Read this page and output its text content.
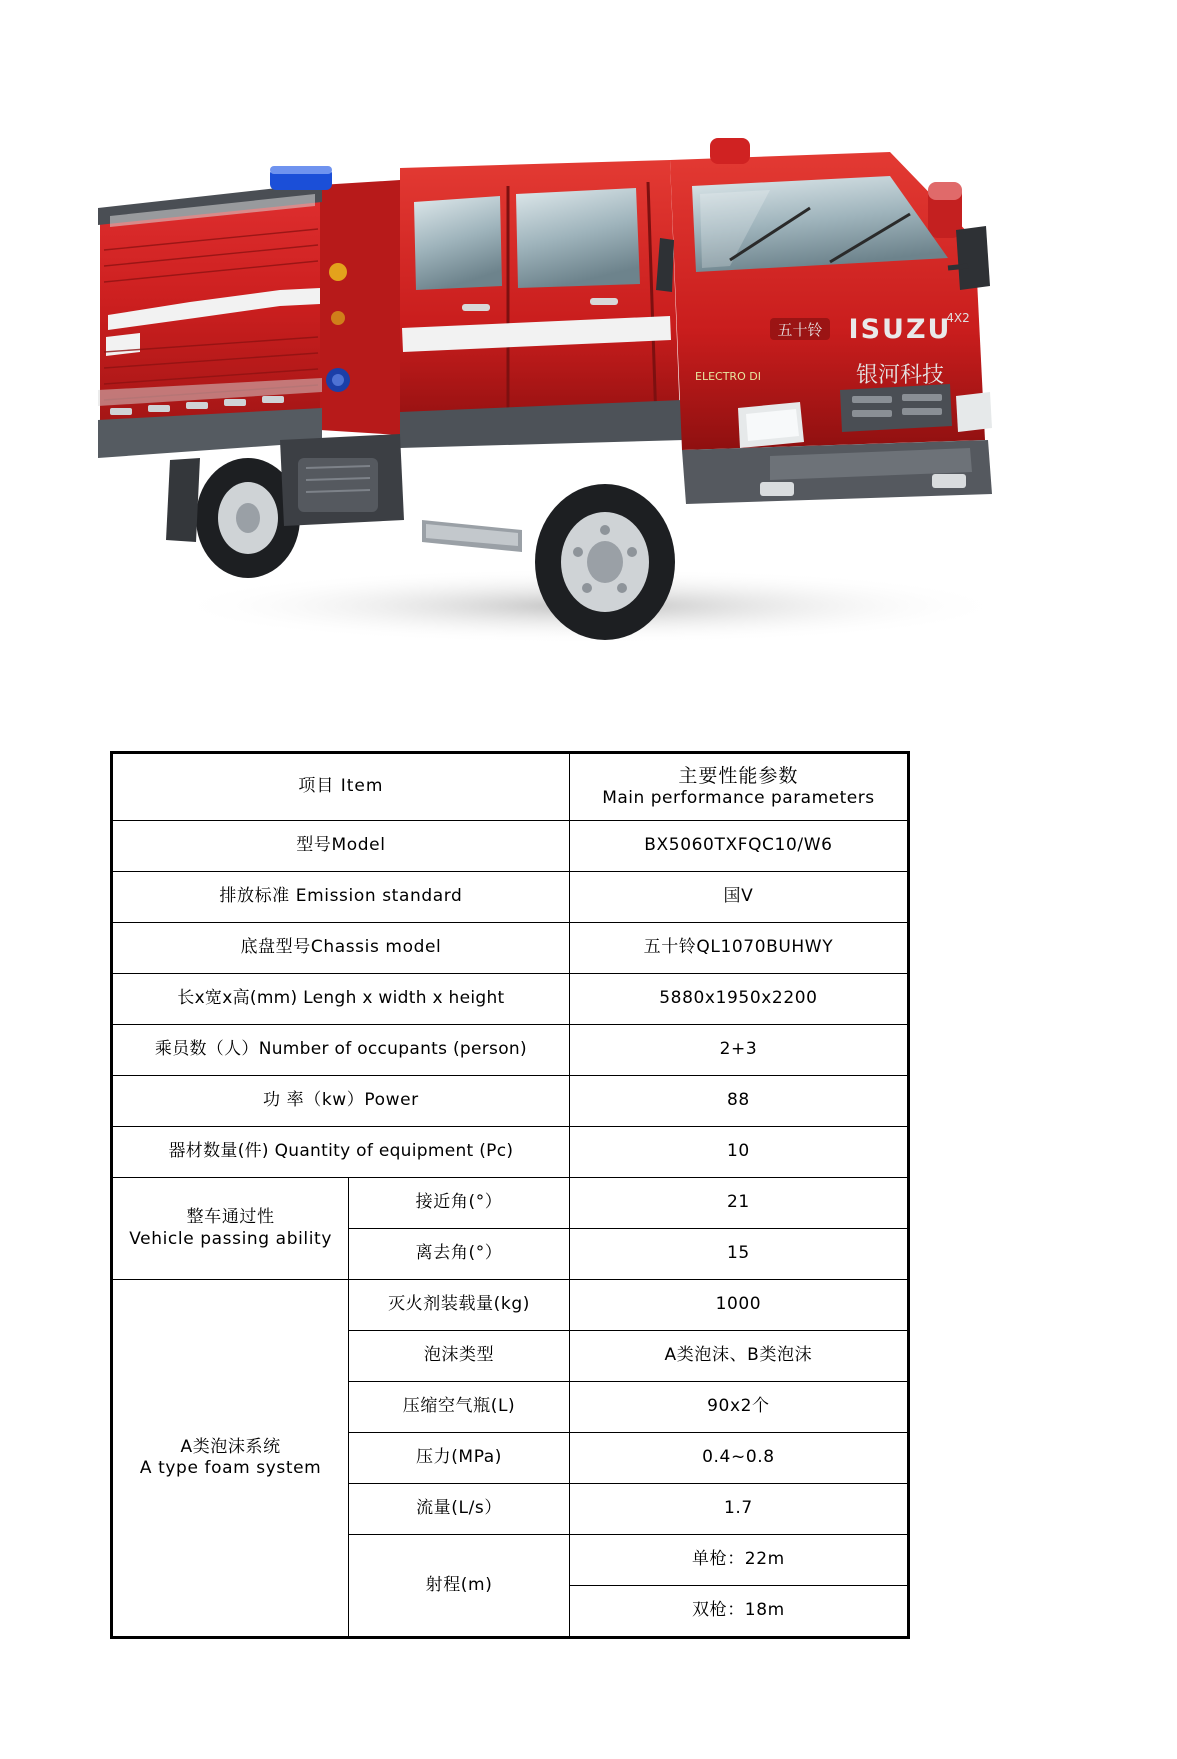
五十铃 ISUZU
4X2
银河科技
ELECTRO DI
项目 Item		主要性能参数
Main performance parameters

型号Model		BX5060TXFQC10/W6
排放标准 Emission standard		国V
底盘型号Chassis model		五十铃QL1070BUHWY
长x宽x高(mm) Lengh x width x height		5880x1950x2200
乘员数（人）Number of occupants (person)		2+3
功 率（kw）Power		88
器材数量(件) Quantity of equipment (Pc)		10

整车通过性
Vehicle passing ability	接近角(°）	21
	离去角(°）	15

A类泡沫系统
A type foam system	灭火剂装载量(kg)	1000
	泡沫类型	A类泡沫、B类泡沫
	压缩空气瓶(L)	90x2个
	压力(MPa)	0.4~0.8
	流量(L/s）	1.7
	射程(m)	单枪：22m
		双枪：18m
